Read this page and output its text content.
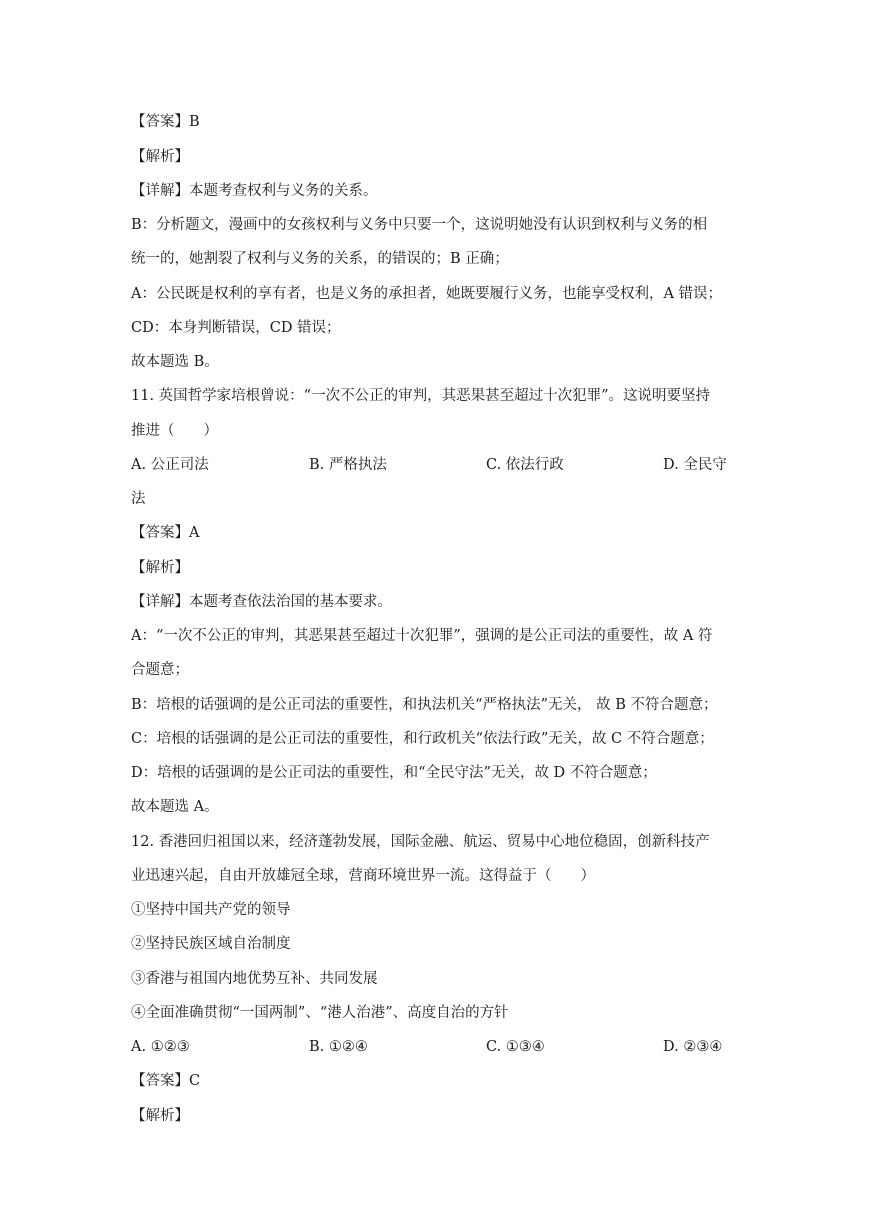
【答案】B
【解析】
【详解】本题考查权利与义务的关系。
B：分析题文，漫画中的女孩权利与义务中只要一个，这说明她没有认识到权利与义务的相
统一的，她割裂了权利与义务的关系，的错误的；B 正确；
A：公民既是权利的享有者，也是义务的承担者，她既要履行义务，也能享受权利，A 错误；
CD：本身判断错误，CD 错误；
故本题选 B。
11. 英国哲学家培根曾说：“一次不公正的审判，其恶果甚至超过十次犯罪”。这说明要坚持
推进（　　）
A. 公正司法	B. 严格执法	C. 依法行政	D. 全民守
法
【答案】A
【解析】
【详解】本题考查依法治国的基本要求。
A：“一次不公正的审判，其恶果甚至超过十次犯罪”，强调的是公正司法的重要性，故 A 符
合题意；
B：培根的话强调的是公正司法的重要性，和执法机关“严格执法”无关， 故 B 不符合题意；
C：培根的话强调的是公正司法的重要性，和行政机关“依法行政”无关，故 C 不符合题意；
D：培根的话强调的是公正司法的重要性，和“全民守法”无关，故 D 不符合题意；
故本题选 A。
12. 香港回归祖国以来，经济蓬勃发展，国际金融、航运、贸易中心地位稳固，创新科技产
业迅速兴起，自由开放雄冠全球，营商环境世界一流。这得益于（　　）
①坚持中国共产党的领导
②坚持民族区域自治制度
③香港与祖国内地优势互补、共同发展
④全面准确贯彻“一国两制”、“港人治港”、高度自治的方针
A. ①②③	B. ①②④	C. ①③④	D. ②③④
【答案】C
【解析】
